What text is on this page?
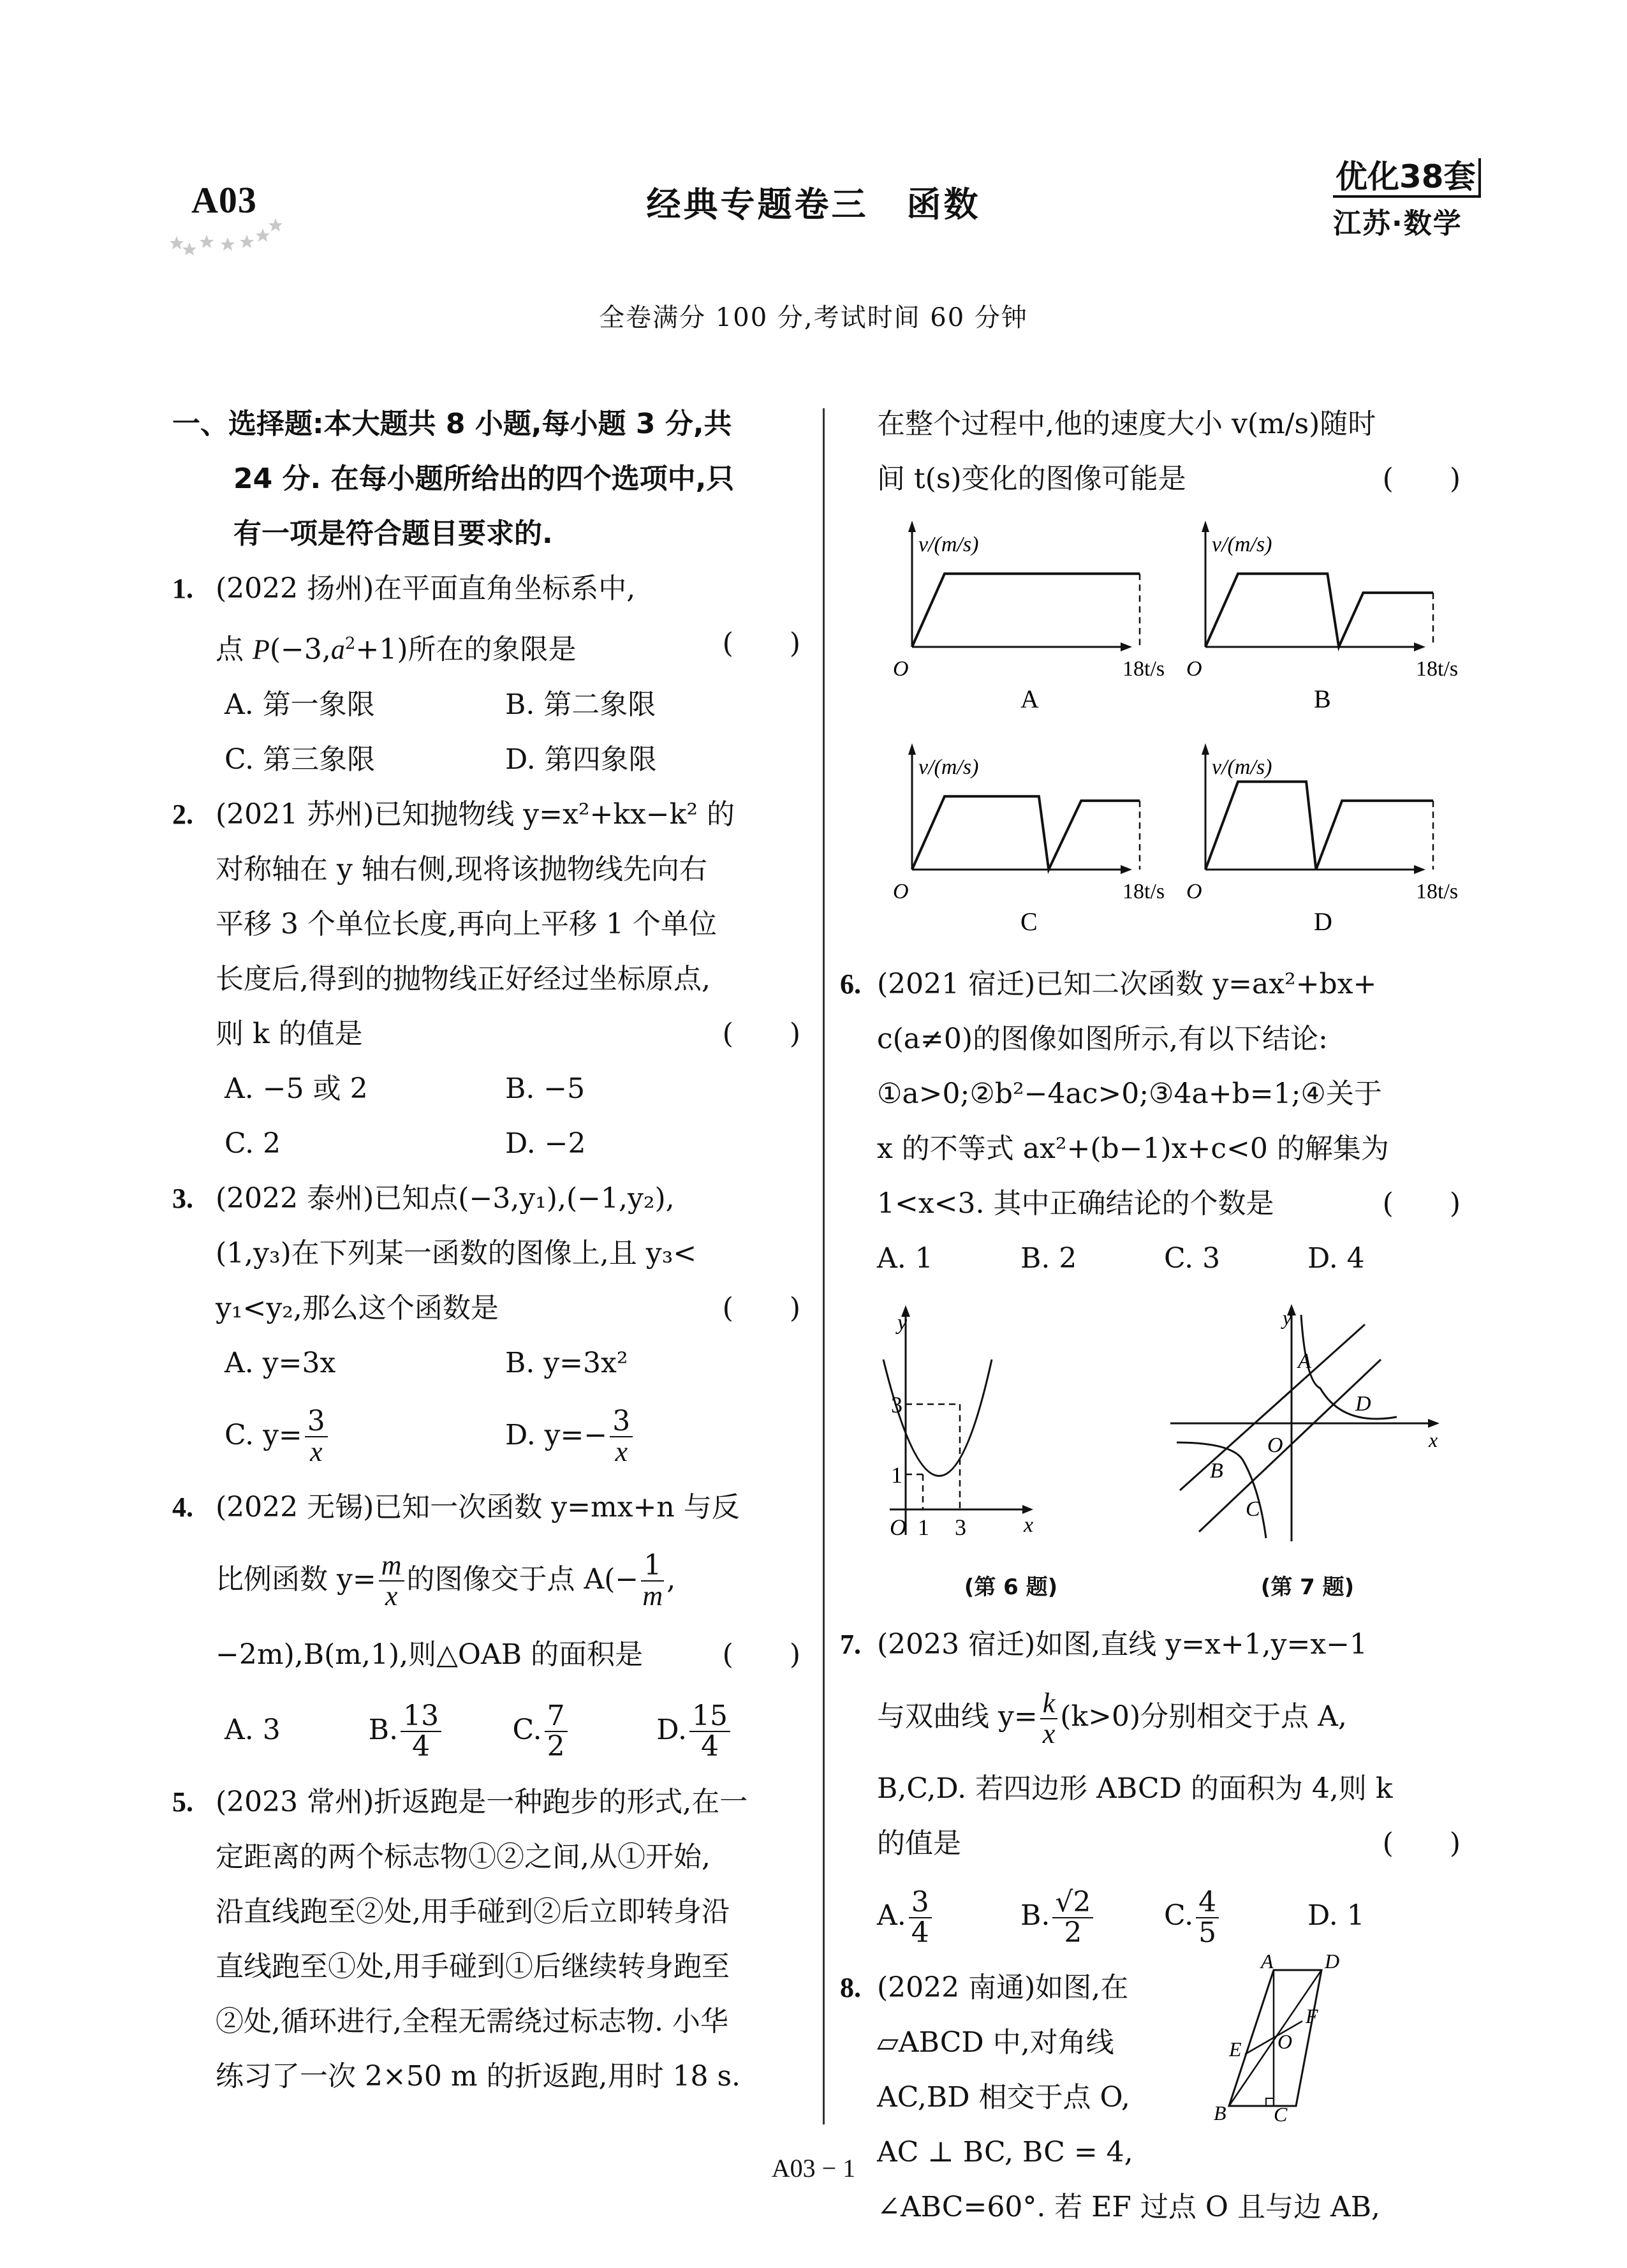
A03	经典专题卷三 函数
优化38套
江苏·数学
全卷满分 100 分,考试时间 60 分钟
一、选择题:本大题共 8 小题,每小题 3 分,共
24 分. 在每小题所给出的四个选项中,只
有一项是符合题目要求的.
1. (2022 扬州)在平面直角坐标系中,
点 $P(-3,a^2+1)$所在的象限是	(　　)
A. 第一象限	B. 第二象限
C. 第三象限	D. 第四象限
2. (2021 苏州)已知抛物线 y=x²+kx−k² 的
对称轴在 y 轴右侧,现将该抛物线先向右
平移 3 个单位长度,再向上平移 1 个单位
长度后,得到的抛物线正好经过坐标原点,
则 k 的值是	(　　)
A. −5 或 2	B. −5
C. 2	D. −2
3. (2022 泰州)已知点(−3,y₁),(−1,y₂),
(1,y₃)在下列某一函数的图像上,且 y₃<
y₁<y₂,那么这个函数是	(　　)
A. y=3x	B. y=3x²
C. $y= \frac{3}{x}$	D. $y=- \frac{3}{x}$
4. (2022 无锡)已知一次函数 y=mx+n 与反
比例函数 $y= \frac{m}{x}$ 的图像交于点 $A(- \frac{1}{m}$ ,
−2m),B(m,1),则△OAB 的面积是	(　　)
A. 3	B. $\frac{13}{4}$	C. $\frac{7}{2}$	D. $\frac{15}{4}$
5. (2023 常州)折返跑是一种跑步的形式,在一
定距离的两个标志物①②之间,从①开始,
沿直线跑至②处,用手碰到②后立即转身沿
直线跑至①处,用手碰到①后继续转身跑至
②处,循环进行,全程无需绕过标志物. 小华
练习了一次 2×50 m 的折返跑,用时 18 s.
在整个过程中,他的速度大小 v(m/s)随时
间 t(s)变化的图像可能是	(　　)
v/(m/s)
O	18t/s
A
v/(m/s)
O	18t/s
B
v/(m/s)
O	18t/s
C
v/(m/s)
O	18t/s
D
6. (2021 宿迁)已知二次函数 y=ax²+bx+
c(a≠0)的图像如图所示,有以下结论:
①a>0;②b²−4ac>0;③4a+b=1;④关于
x 的不等式 ax²+(b−1)x+c<0 的解集为
1<x<3. 其中正确结论的个数是	(　　)
A. 1	B. 2	C. 3	D. 4
y
x
O 1 3
1
3
(第 6 题)
A
B
C
D
O
y
x
(第 7 题)
7. (2023 宿迁)如图,直线 y=x+1,y=x−1
与双曲线 $y= \frac{k}{x} (k>0)$分别相交于点 A,
B,C,D. 若四边形 ABCD 的面积为 4,则 k
的值是	(　　)
A. $\frac{3}{4}$	B. $\frac{√2}{2}$	C. $\frac{4}{5}$	D. 1
8. (2022 南通)如图,在
▱ABCD 中,对角线
AC,BD 相交于点 O,
AC ⊥ BC, BC = 4,
∠ABC=60°. 若 EF 过点 O 且与边 AB,
A	D
B C
E
F
O
A03 − 1
